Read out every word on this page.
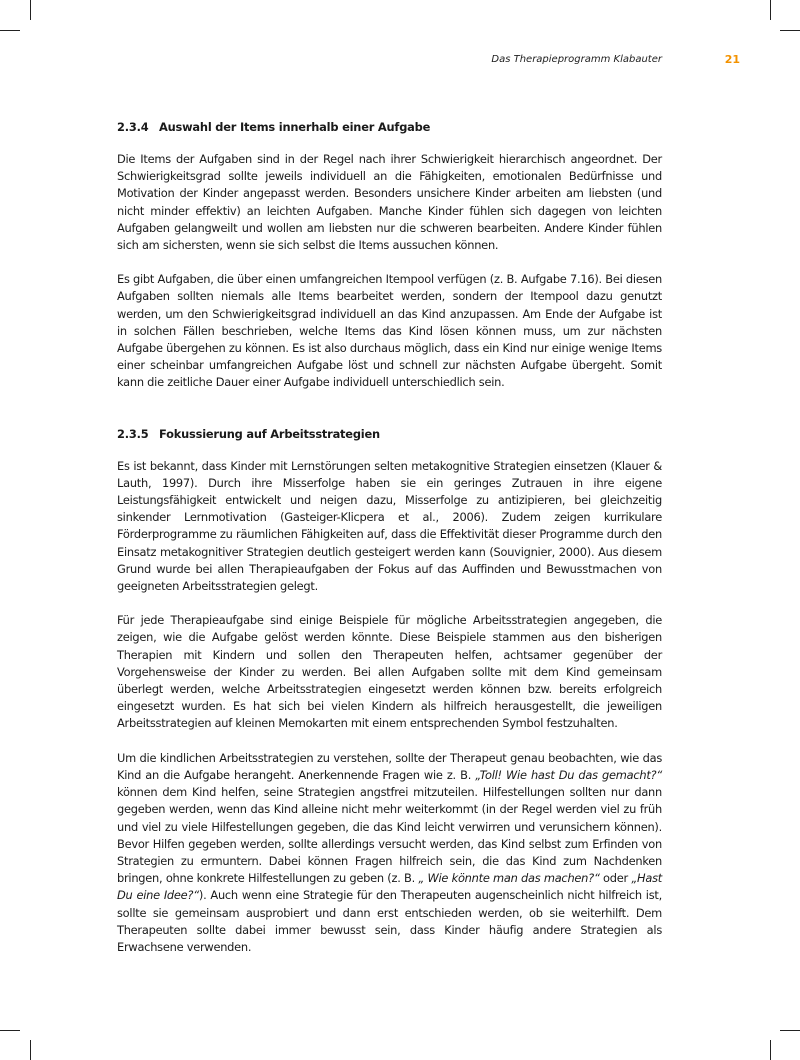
Das Therapieprogramm Klabauter	21
2.3.4 Auswahl der Items innerhalb einer Aufgabe

Die Items der Aufgaben sind in der Regel nach ihrer Schwierigkeit hierarchisch angeordnet. Der Schwierigkeitsgrad sollte jeweils individuell an die Fähigkeiten, emotionalen Bedürfnisse und Motivation der Kinder angepasst werden. Besonders unsichere Kinder arbeiten am liebsten (und nicht minder effektiv) an leichten Aufgaben. Manche Kinder fühlen sich dagegen von leichten Aufgaben gelangweilt und wollen am liebsten nur die schweren bearbeiten. Andere Kinder fühlen sich am sichersten, wenn sie sich selbst die Items aussuchen können.

Es gibt Aufgaben, die über einen umfangreichen Itempool verfügen (z. B. Aufgabe 7.16). Bei diesen Aufgaben sollten niemals alle Items bearbeitet werden, sondern der Itempool dazu genutzt werden, um den Schwierigkeitsgrad individuell an das Kind anzupassen. Am Ende der Aufgabe ist in solchen Fällen beschrieben, welche Items das Kind lösen können muss, um zur nächsten Aufgabe übergehen zu können. Es ist also durchaus möglich, dass ein Kind nur einige wenige Items einer scheinbar umfangreichen Aufgabe löst und schnell zur nächsten Aufgabe übergeht. Somit kann die zeitliche Dauer einer Aufgabe individuell unterschiedlich sein.

2.3.5 Fokussierung auf Arbeitsstrategien

Es ist bekannt, dass Kinder mit Lernstörungen selten metakognitive Strategien einsetzen (Klauer & Lauth, 1997). Durch ihre Misserfolge haben sie ein geringes Zutrauen in ihre eigene Leistungsfähigkeit entwickelt und neigen dazu, Misserfolge zu antizipieren, bei gleichzeitig sinkender Lernmotivation (Gasteiger-Klicpera et al., 2006). Zudem zeigen kurrikulare Förderprogramme zu räumlichen Fähigkeiten auf, dass die Effektivität dieser Programme durch den Einsatz metakognitiver Strategien deutlich gesteigert werden kann (Souvignier, 2000). Aus diesem Grund wurde bei allen Therapieaufgaben der Fokus auf das Auffinden und Bewusstmachen von geeigneten Arbeitsstrategien gelegt.

Für jede Therapieaufgabe sind einige Beispiele für mögliche Arbeitsstrategien angegeben, die zeigen, wie die Aufgabe gelöst werden könnte. Diese Beispiele stammen aus den bisherigen Therapien mit Kindern und sollen den Therapeuten helfen, achtsamer gegenüber der Vorgehensweise der Kinder zu werden. Bei allen Aufgaben sollte mit dem Kind gemeinsam überlegt werden, welche Arbeitsstrategien eingesetzt werden können bzw. bereits erfolgreich eingesetzt wurden. Es hat sich bei vielen Kindern als hilfreich herausgestellt, die jeweiligen Arbeitsstrategien auf kleinen Memokarten mit einem entsprechenden Symbol festzuhalten.

Um die kindlichen Arbeitsstrategien zu verstehen, sollte der Therapeut genau beobachten, wie das Kind an die Aufgabe herangeht. Anerkennende Fragen wie z. B. „Toll! Wie hast Du das gemacht?“ können dem Kind helfen, seine Strategien angstfrei mitzuteilen. Hilfestellungen sollten nur dann gegeben werden, wenn das Kind alleine nicht mehr weiterkommt (in der Regel werden viel zu früh und viel zu viele Hilfestellungen gegeben, die das Kind leicht verwirren und verunsichern können). Bevor Hilfen gegeben werden, sollte allerdings versucht werden, das Kind selbst zum Erfinden von Strategien zu ermuntern. Dabei können Fragen hilfreich sein, die das Kind zum Nachdenken bringen, ohne konkrete Hilfestellungen zu geben (z. B. „ Wie könnte man das machen?“ oder „Hast Du eine Idee?“). Auch wenn eine Strategie für den Therapeuten augenscheinlich nicht hilfreich ist, sollte sie gemeinsam ausprobiert und dann erst entschieden werden, ob sie weiterhilft. Dem Therapeuten sollte dabei immer bewusst sein, dass Kinder häufig andere Strategien als Erwachsene verwenden.
